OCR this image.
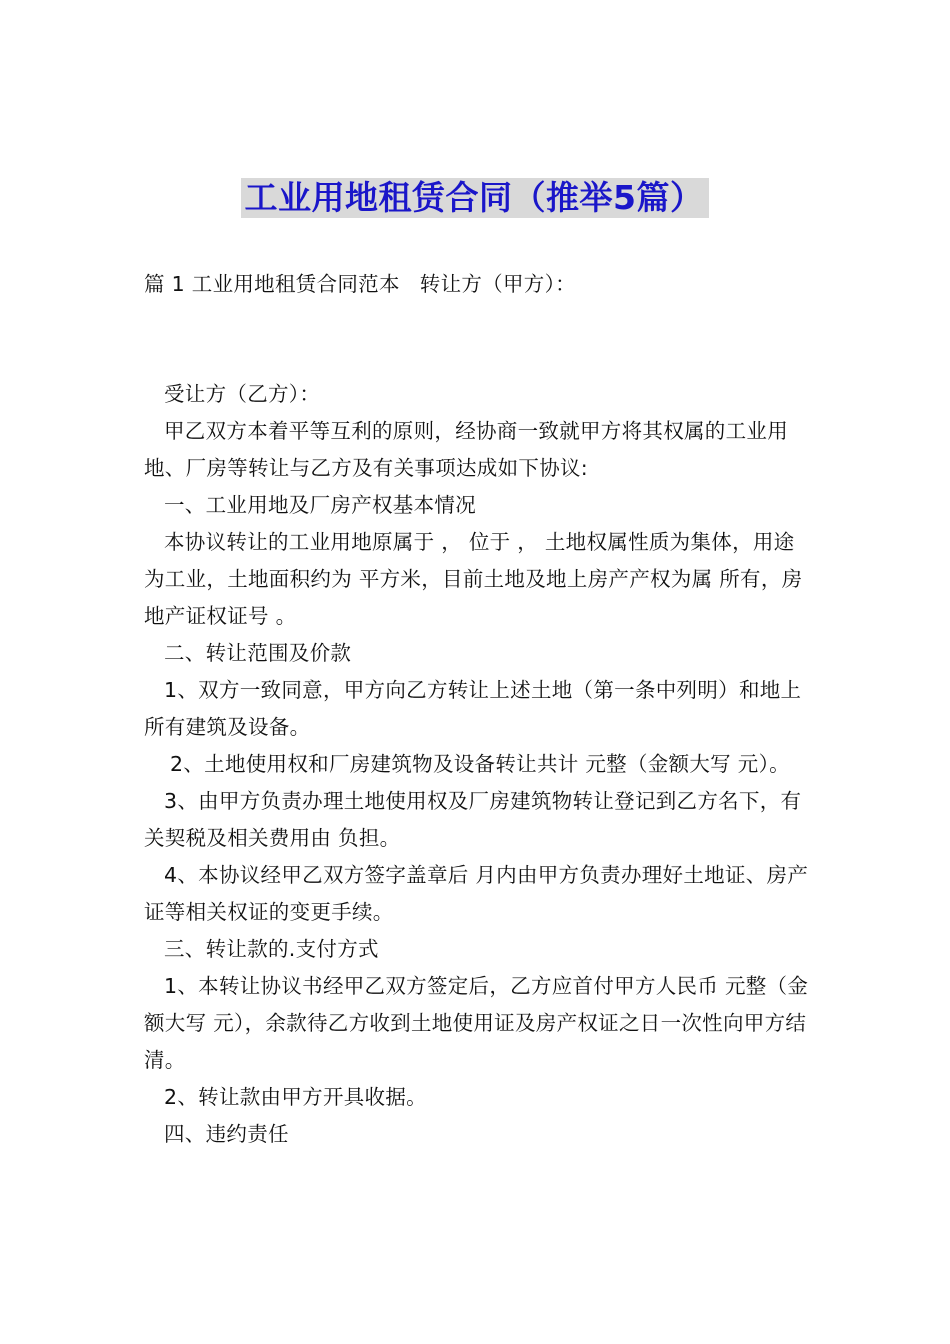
工业用地租赁合同（推举5篇）
篇 1 工业用地租赁合同范本 转让方（甲方）：

受让方（乙方）：

甲乙双方本着平等互利的原则，经协商一致就甲方将其权属的工业用地、厂房等转让与乙方及有关事项达成如下协议:

一、工业用地及厂房产权基本情况

本协议转让的工业用地原属于 ， 位于 ， 土地权属性质为集体，用途为工业，土地面积约为 平方米，目前土地及地上房产产权为属 所有，房地产证权证号 。

二、转让范围及价款

1、双方一致同意，甲方向乙方转让上述土地（第一条中列明）和地上所有建筑及设备。

2、土地使用权和厂房建筑物及设备转让共计 元整（金额大写 元）。

3、由甲方负责办理土地使用权及厂房建筑物转让登记到乙方名下，有关契税及相关费用由 负担。

4、本协议经甲乙双方签字盖章后 月内由甲方负责办理好土地证、房产证等相关权证的变更手续。

三、转让款的.支付方式

1、本转让协议书经甲乙双方签定后，乙方应首付甲方人民币 元整（金额大写 元），余款待乙方收到土地使用证及房产权证之日一次性向甲方结清。

2、转让款由甲方开具收据。

四、违约责任
